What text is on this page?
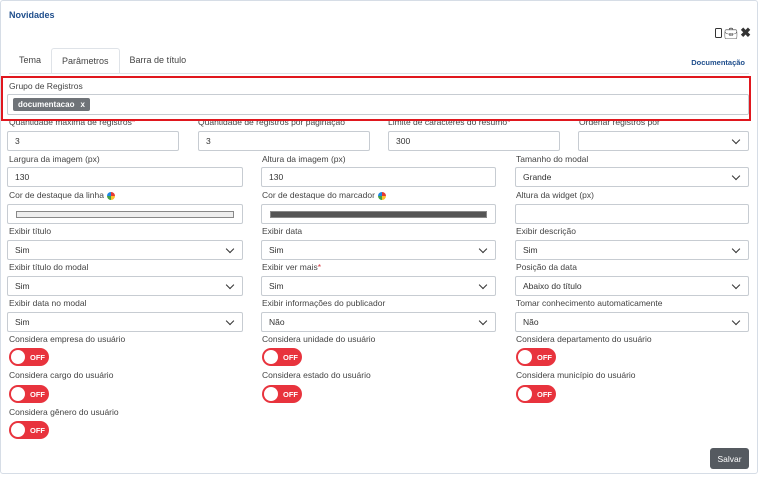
Novidades
💼︎ ✖
Tema	Parâmetros	Barra de título	Documentação
Grupo de Registros
documentacao x
Quantidade máxima de registros*
3
Quantidade de registros por paginação
3
Limite de caracteres do resumo*
300
Ordenar registros por
Largura da imagem (px)
130
Altura da imagem (px)
130
Tamanho do modal
Grande
Cor de destaque da linha	Cor de destaque do marcador	Altura da widget (px)
Exibir título
Sim
Exibir data
Sim
Exibir descrição
Sim
Exibir título do modal
Sim
Exibir ver mais*
Sim
Posição da data
Abaixo do título
Exibir data no modal
Sim
Exibir informações do publicador
Não
Tomar conhecimento automaticamente
Não
Considera empresa do usuário
OFF
Considera unidade do usuário
OFF
Considera departamento do usuário
OFF
Considera cargo do usuário
OFF
Considera estado do usuário
OFF
Considera município do usuário
OFF
Considera gênero do usuário
OFF
Salvar
